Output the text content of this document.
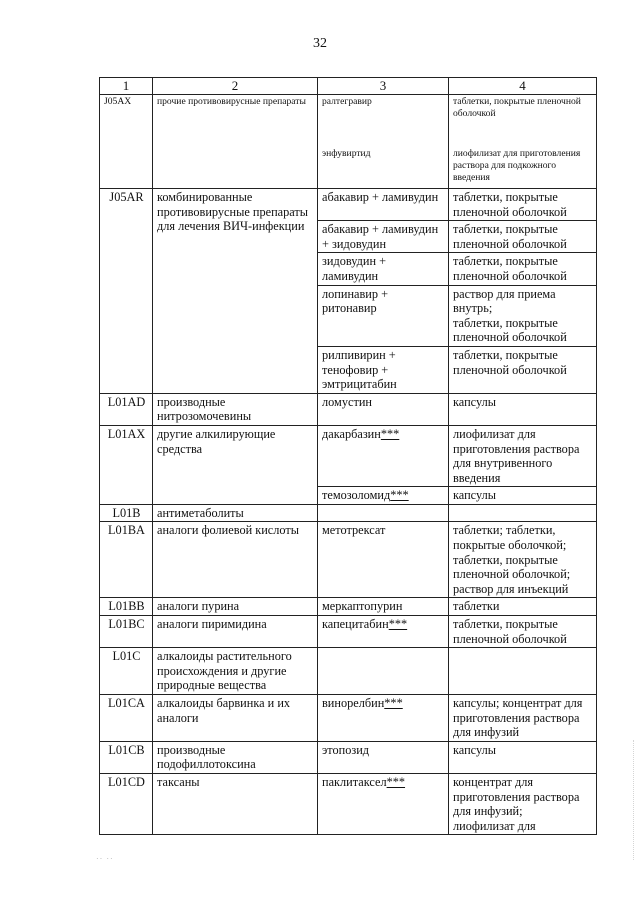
32
1	2	3	4
J05AX	прочие противовирусные препараты	ралтегравир	таблетки, покрытые пленочной оболочкой
		энфувиртид	лиофилизат для приготовления раствора для подкожного введения
J05AR	комбинированные противовирусные препараты для лечения ВИЧ-инфекции	абакавир + ламивудин	таблетки, покрытые пленочной оболочкой
		абакавир + ламивудин + зидовудин	таблетки, покрытые пленочной оболочкой
		зидовудин + ламивудин	таблетки, покрытые пленочной оболочкой
		лопинавир + ритонавир	раствор для приема внутрь;
таблетки, покрытые пленочной оболочкой

		рилпивирин + тенофовир + эмтрицитабин	таблетки, покрытые пленочной оболочкой
L01AD	производные нитрозомочевины	ломустин	капсулы
L01AX	другие алкилирующие средства	дакарбазин***	лиофилизат для приготовления раствора для внутривенного введения
		темозоломид***	капсулы
L01B	антиметаболиты		
L01BA	аналоги фолиевой кислоты	метотрексат	таблетки; таблетки, покрытые оболочкой;
таблетки, покрытые пленочной оболочкой;
раствор для инъекций

L01BB	аналоги пурина	меркаптопурин	таблетки
L01BC	аналоги пиримидина	капецитабин***	таблетки, покрытые пленочной оболочкой
L01C	алкалоиды растительного происхождения и другие природные вещества		
L01CA	алкалоиды барвинка и их аналоги	винорелбин***	капсулы; концентрат для приготовления раствора для инфузий
L01CB	производные подофиллотоксина	этопозид	капсулы
L01CD	таксаны	паклитаксел***	концентрат для приготовления раствора для инфузий;
лиофилизат для
․․ ․․
